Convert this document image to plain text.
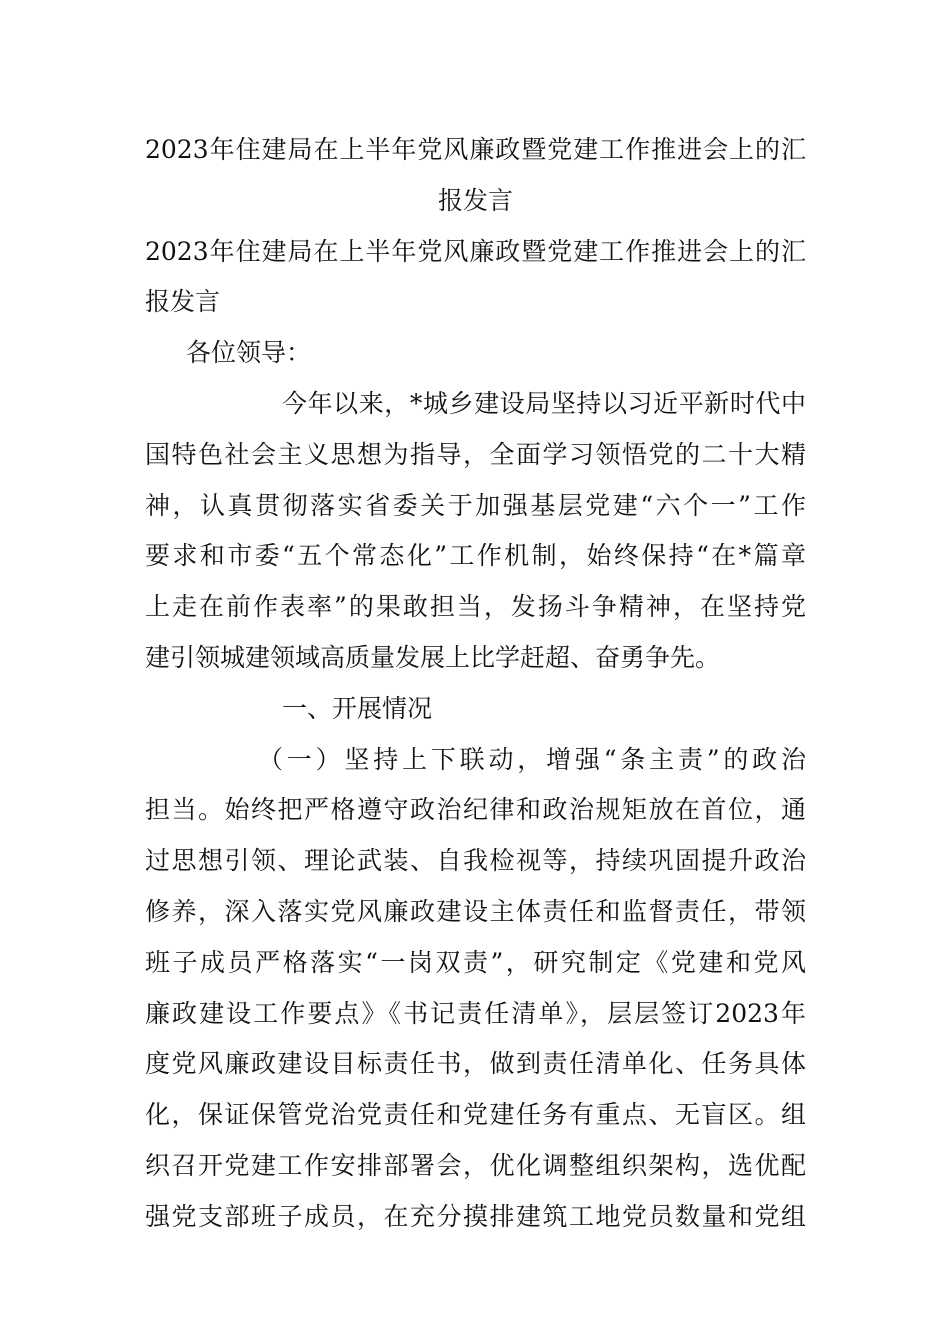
2023年住建局在上半年党风廉政暨党建工作推进会上的汇
报发言
2023年住建局在上半年党风廉政暨党建工作推进会上的汇
报发言
各位领导：
今年以来，*城乡建设局坚持以习近平新时代中
国特色社会主义思想为指导，全面学习领悟党的二十大精
神，认真贯彻落实省委关于加强基层党建“六个一”工作
要求和市委“五个常态化”工作机制，始终保持“在*篇章
上走在前作表率”的果敢担当，发扬斗争精神，在坚持党
建引领城建领域高质量发展上比学赶超、奋勇争先。
一、开展情况
（一）坚持上下联动，增强“条主责”的政治
担当。始终把严格遵守政治纪律和政治规矩放在首位，通
过思想引领、理论武装、自我检视等，持续巩固提升政治
修养，深入落实党风廉政建设主体责任和监督责任，带领
班子成员严格落实“一岗双责”，研究制定《党建和党风
廉政建设工作要点》《书记责任清单》，层层签订2023年
度党风廉政建设目标责任书，做到责任清单化、任务具体
化，保证保管党治党责任和党建任务有重点、无盲区。组
织召开党建工作安排部署会，优化调整组织架构，选优配
强党支部班子成员，在充分摸排建筑工地党员数量和党组
